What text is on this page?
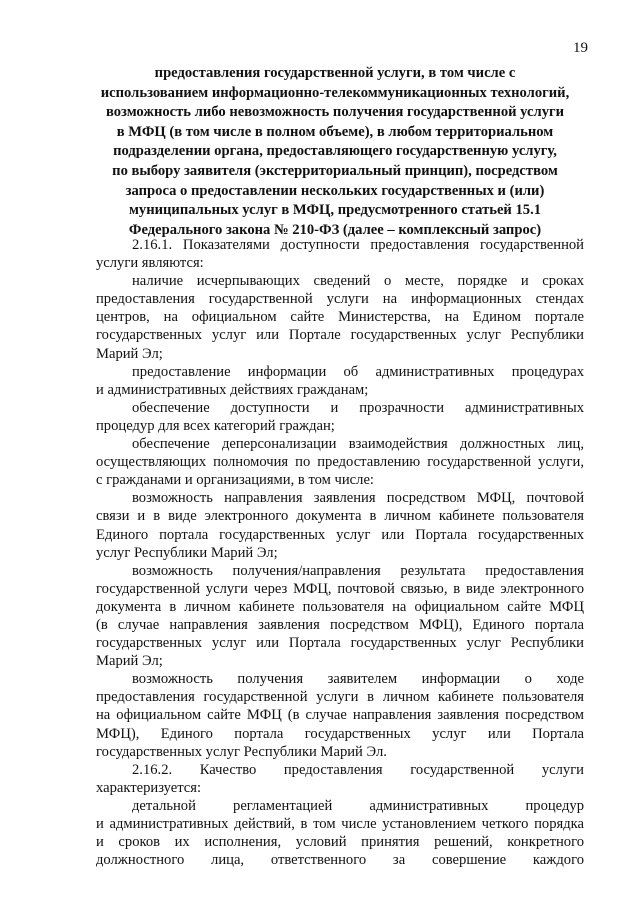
19
предоставления государственной услуги, в том числе с
использованием информационно-телекоммуникационных технологий,
возможность либо невозможность получения государственной услуги
в МФЦ (в том числе в полном объеме), в любом территориальном
подразделении органа, предоставляющего государственную услугу,
по выбору заявителя (экстерриториальный принцип), посредством
запроса о предоставлении нескольких государственных и (или)
муниципальных услуг в МФЦ, предусмотренного статьей 15.1
Федерального закона № 210-ФЗ (далее – комплексный запрос)
2.16.1. Показателями доступности предоставления государственной
услуги являются:
наличие исчерпывающих сведений о месте, порядке и сроках
предоставления государственной услуги на информационных стендах
центров, на официальном сайте Министерства, на Едином портале
государственных услуг или Портале государственных услуг Республики
Марий Эл;
предоставление информации об административных процедурах
и административных действиях гражданам;
обеспечение доступности и прозрачности административных
процедур для всех категорий граждан;
обеспечение деперсонализации взаимодействия должностных лиц,
осуществляющих полномочия по предоставлению государственной услуги,
с гражданами и организациями, в том числе:
возможность направления заявления посредством МФЦ, почтовой
связи и в виде электронного документа в личном кабинете пользователя
Единого портала государственных услуг или Портала государственных
услуг Республики Марий Эл;
возможность получения/направления результата предоставления
государственной услуги через МФЦ, почтовой связью, в виде электронного
документа в личном кабинете пользователя на официальном сайте МФЦ
(в случае направления заявления посредством МФЦ), Единого портала
государственных услуг или Портала государственных услуг Республики
Марий Эл;
возможность получения заявителем информации о ходе
предоставления государственной услуги в личном кабинете пользователя
на официальном сайте МФЦ (в случае направления заявления посредством
МФЦ), Единого портала государственных услуг или Портала
государственных услуг Республики Марий Эл.
2.16.2. Качество предоставления государственной услуги
характеризуется:
детальной регламентацией административных процедур
и административных действий, в том числе установлением четкого порядка
и сроков их исполнения, условий принятия решений, конкретного
должностного лица, ответственного за совершение каждого
